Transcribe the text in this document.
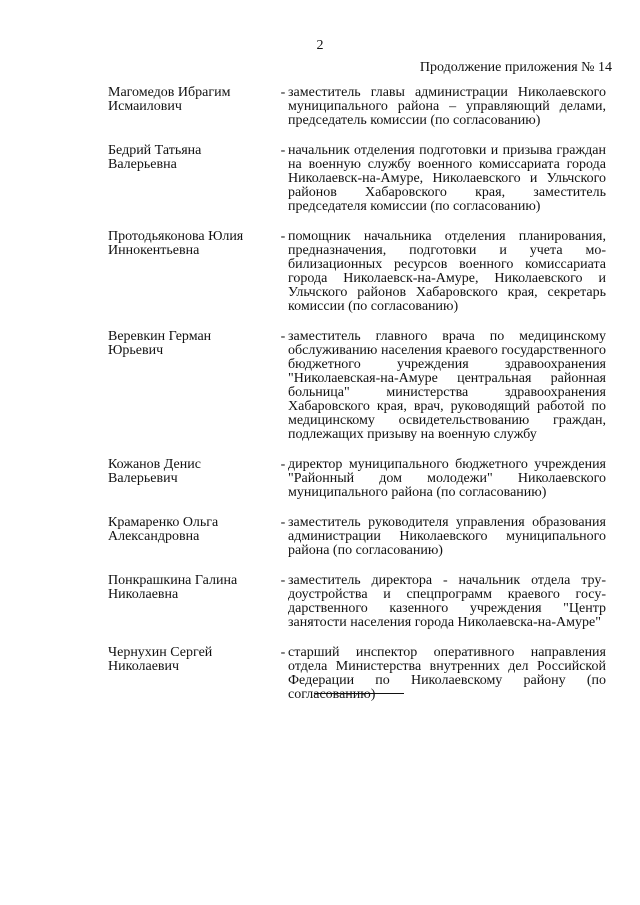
2
Продолжение приложения № 14
Магомедов Ибрагим
Исмаилович
- заместитель главы администрации Николаевского муниципального района – управляющий делами, председатель комиссии (по согласованию)
Бедрий Татьяна
Валерьевна
- начальник отделения подготовки и призыва граждан на военную службу военного комиссариата города Николаевск-на-Амуре, Николаевского и Ульчского районов Хабаровского края, заместитель председателя комиссии (по согласованию)
Протодьяконова Юлия
Иннокентьевна
- помощник начальника отделения планирования, предназначения, подготовки и учета мобилизационных ресурсов военного комиссариата города Николаевск-на-Амуре, Николаевского и Ульчского районов Хабаровского края, секретарь комиссии (по согласованию)
Веревкин Герман
Юрьевич
- заместитель главного врача по медицинскому обслуживанию населения краевого государственного бюджетного учреждения здравоохранения "Николаевская-на-Амуре центральная районная больница" министерства здравоохранения Хабаровского края, врач, руководящий работой по медицинскому освидетельствованию граждан, подлежащих призыву на военную службу
Кожанов Денис
Валерьевич
- директор муниципального бюджетного учреждения "Районный дом молодежи" Николаевского муниципального района (по согласованию)
Крамаренко Ольга
Александровна
- заместитель руководителя управления образования администрации Николаевского муниципального района (по согласованию)
Понкрашкина Галина
Николаевна
- заместитель директора - начальник отдела трудоустройства и спецпрограмм краевого государственного казенного учреждения "Центр занятости населения города Николаевска-на-Амуре"
Чернухин Сергей
Николаевич
- старший инспектор оперативного направления отдела Министерства внутренних дел Российской Федерации по Николаевскому району (по согласованию)
